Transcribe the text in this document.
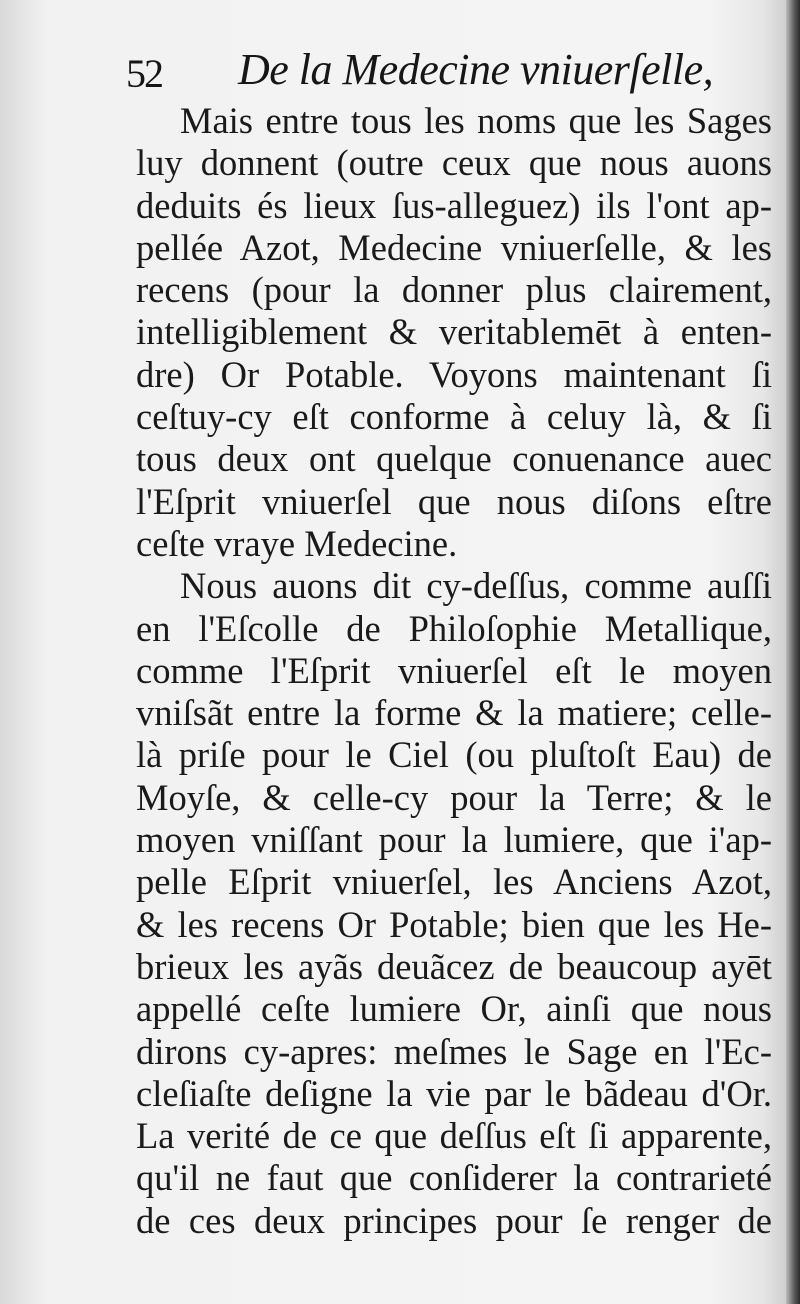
52 De la Medecine vniuerſelle,
Mais entre tous les noms que les Sages
luy donnent (outre ceux que nous auons
deduits és lieux ſus-alleguez) ils l'ont ap-
pellée Azot, Medecine vniuerſelle, & les
recens (pour la donner plus clairement,
intelligiblement & veritablemēt à enten-
dre) Or Potable. Voyons maintenant ſi
ceſtuy-cy eſt conforme à celuy là, & ſi
tous deux ont quelque conuenance auec
l'Eſprit vniuerſel que nous diſons eſtre
ceſte vraye Medecine.
Nous auons dit cy-deſſus, comme auſſi
en l'Eſcolle de Philoſophie Metallique,
comme l'Eſprit vniuerſel eſt le moyen
vniſsãt entre la forme & la matiere; celle-
là priſe pour le Ciel (ou pluſtoſt Eau) de
Moyſe, & celle-cy pour la Terre; & le
moyen vniſſant pour la lumiere, que i'ap-
pelle Eſprit vniuerſel, les Anciens Azot,
& les recens Or Potable; bien que les He-
brieux les ayãs deuãcez de beaucoup ayēt
appellé ceſte lumiere Or, ainſi que nous
dirons cy-apres: meſmes le Sage en l'Ec-
cleſiaſte deſigne la vie par le bãdeau d'Or.
La verité de ce que deſſus eſt ſi apparente,
qu'il ne faut que conſiderer la contrarieté
de ces deux principes pour ſe renger de
